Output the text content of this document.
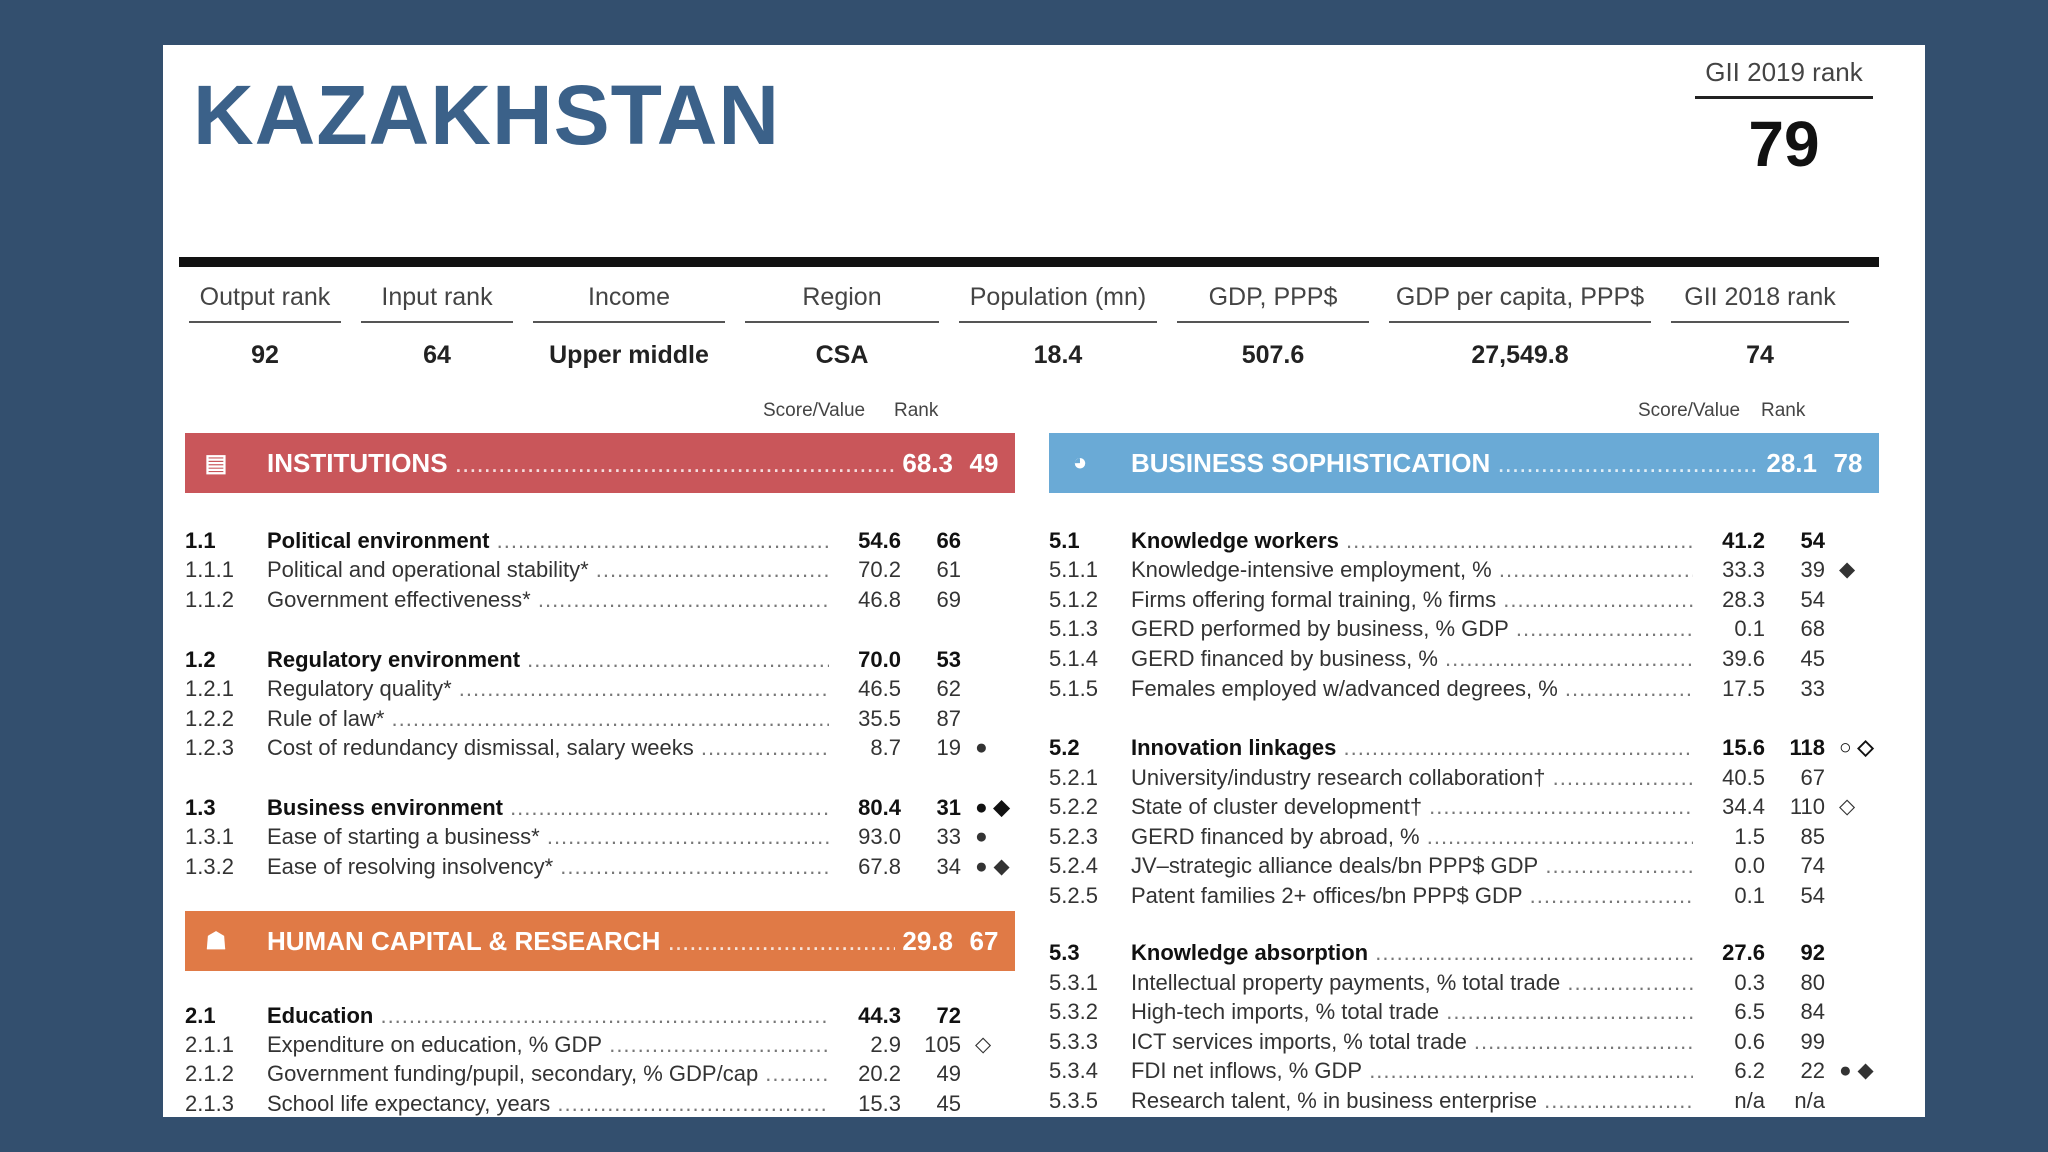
KAZAKHSTAN	GII 2019 rank
79
Output rank	Input rank	Income	Region	Population (mn)	GDP, PPP$	GDP per capita, PPP$	GII 2018 rank
92	64	Upper middle	CSA	18.4	507.6	27,549.8	74
Score/Value Rank	Score/Value Rank
▤ INSTITUTIONS .....	68.3 49
☗ HUMAN CAPITAL & RESEARCH .....	29.8 67
◕ BUSINESS SOPHISTICATION .....	28.1 78
1.1	Political environment .....	54.6	66
1.1.1	Political and operational stability* .....	70.2	61
1.1.2	Government effectiveness* .....	46.8	69
1.2	Regulatory environment .....	70.0	53
1.2.1	Regulatory quality* .....	46.5	62
1.2.2	Rule of law* .....	35.5	87
1.2.3	Cost of redundancy dismissal, salary weeks .....	8.7	19 ●
1.3	Business environment .....	80.4	31 ● ◆
1.3.1	Ease of starting a business* .....	93.0	33 ●
1.3.2	Ease of resolving insolvency* .....	67.8	34 ● ◆
2.1	Education .....	44.3	72
2.1.1	Expenditure on education, % GDP .....	2.9	105 ◇
2.1.2	Government funding/pupil, secondary, % GDP/cap .....	20.2	49
2.1.3	School life expectancy, years .....	15.3	45
5.1	Knowledge workers .....	41.2	54
5.1.1	Knowledge-intensive employment, % .....	33.3	39 ◆
5.1.2	Firms offering formal training, % firms .....	28.3	54
5.1.3	GERD performed by business, % GDP .....	0.1	68
5.1.4	GERD financed by business, % .....	39.6	45
5.1.5	Females employed w/advanced degrees, % .....	17.5	33
5.2	Innovation linkages .....	15.6	118 ○ ◇
5.2.1	University/industry research collaboration† .....	40.5	67
5.2.2	State of cluster development† .....	34.4	110 ◇
5.2.3	GERD financed by abroad, % .....	1.5	85
5.2.4	JV–strategic alliance deals/bn PPP$ GDP .....	0.0	74
5.2.5	Patent families 2+ offices/bn PPP$ GDP .....	0.1	54
5.3	Knowledge absorption .....	27.6	92
5.3.1	Intellectual property payments, % total trade .....	0.3	80
5.3.2	High-tech imports, % total trade .....	6.5	84
5.3.3	ICT services imports, % total trade .....	0.6	99
5.3.4	FDI net inflows, % GDP .....	6.2	22 ● ◆
5.3.5	Research talent, % in business enterprise .....	n/a	n/a
